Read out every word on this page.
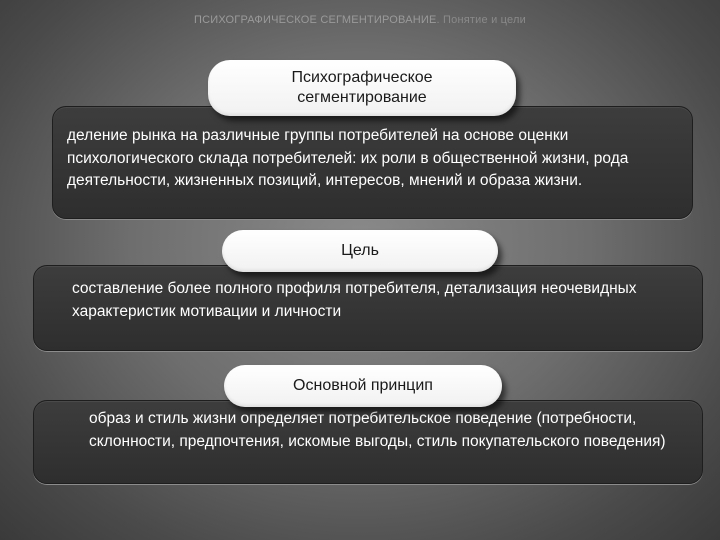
ПСИХОГРАФИЧЕСКОЕ СЕГМЕНТИРОВАНИЕ. Понятие и цели
деление рынка на различные группы потребителей на основе оценки психологического склада потребителей: их роли в общественной жизни, рода деятельности, жизненных позиций, интересов, мнений и образа жизни.
Психографическое сегментирование
составление более полного профиля потребителя, детализация неочевидных характеристик мотивации и личности
Цель
образ и стиль жизни определяет потребительское поведение (потребности, склонности, предпочтения, искомые выгоды, стиль покупательского поведения)
Основной принцип
